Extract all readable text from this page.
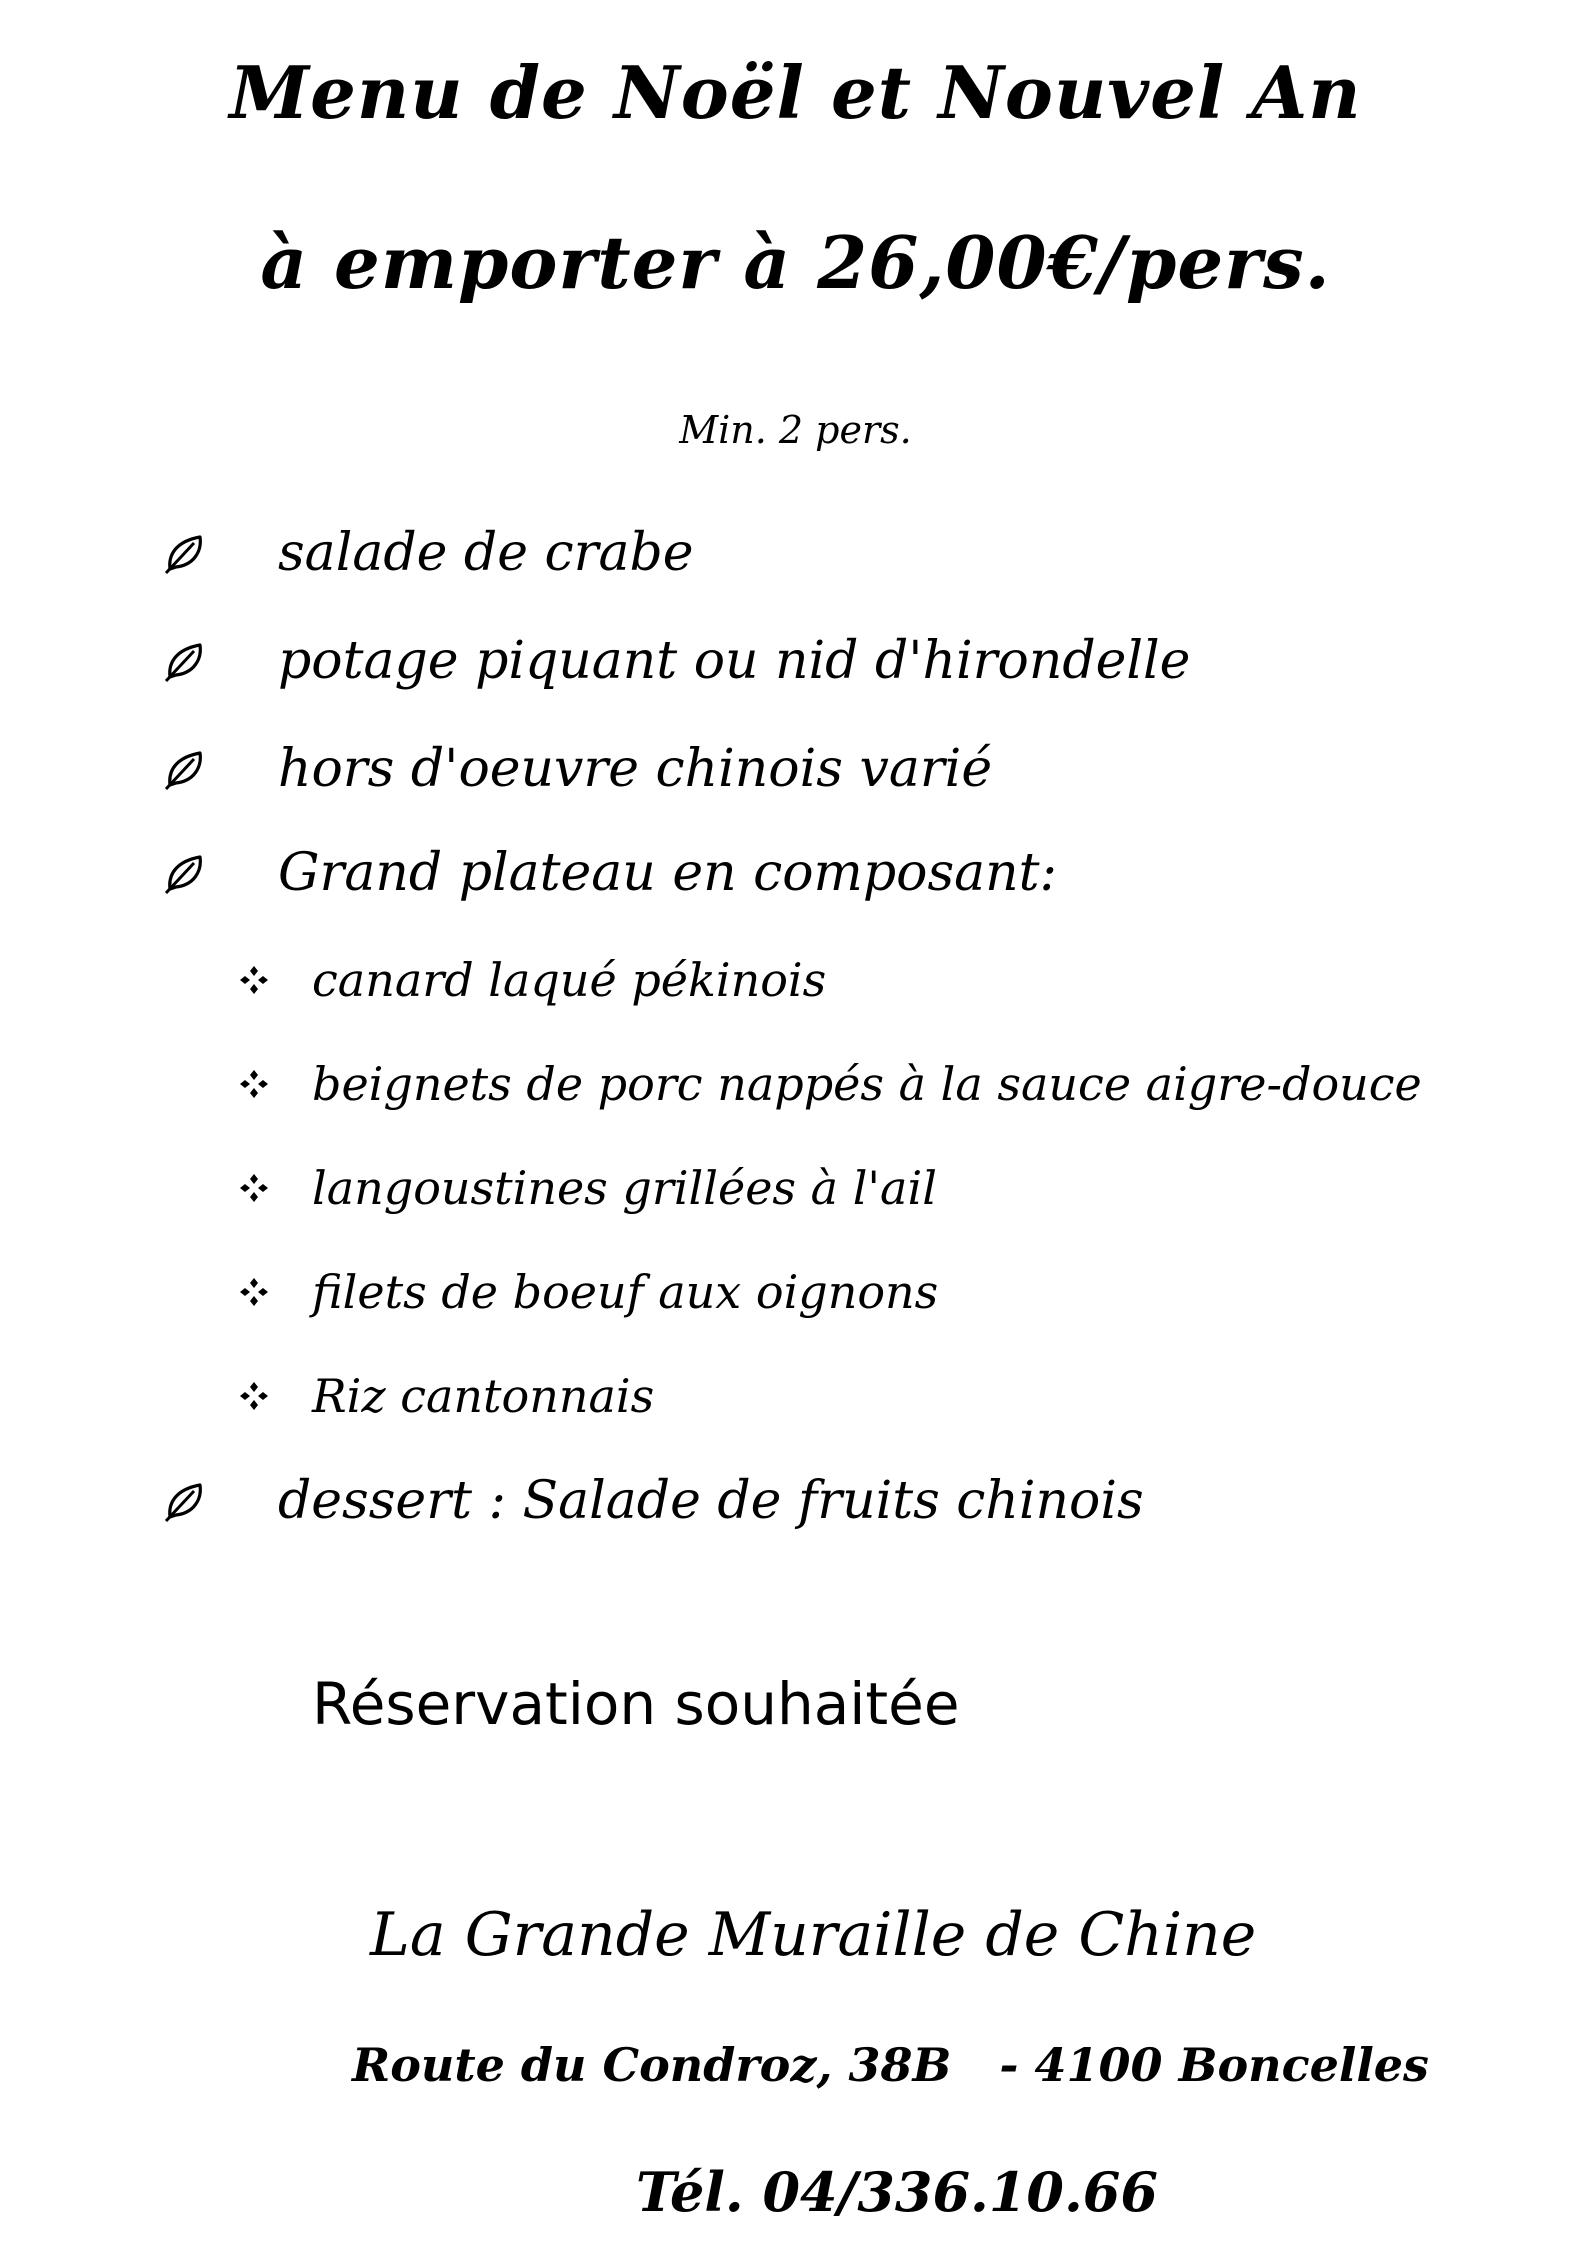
Menu de Noël et Nouvel An
à emporter à 26,00€/pers.
Min. 2 pers.
salade de crabe
potage piquant ou nid d'hirondelle
hors d'oeuvre chinois varié
Grand plateau en composant:
canard laqué pékinois
beignets de porc nappés à la sauce aigre-douce
langoustines grillées à l'ail
filets de boeuf aux oignons
Riz cantonnais
dessert : Salade de fruits chinois
Réservation souhaitée
La Grande Muraille de Chine
Route du Condroz, 38B   - 4100 Boncelles
Tél. 04/336.10.66
